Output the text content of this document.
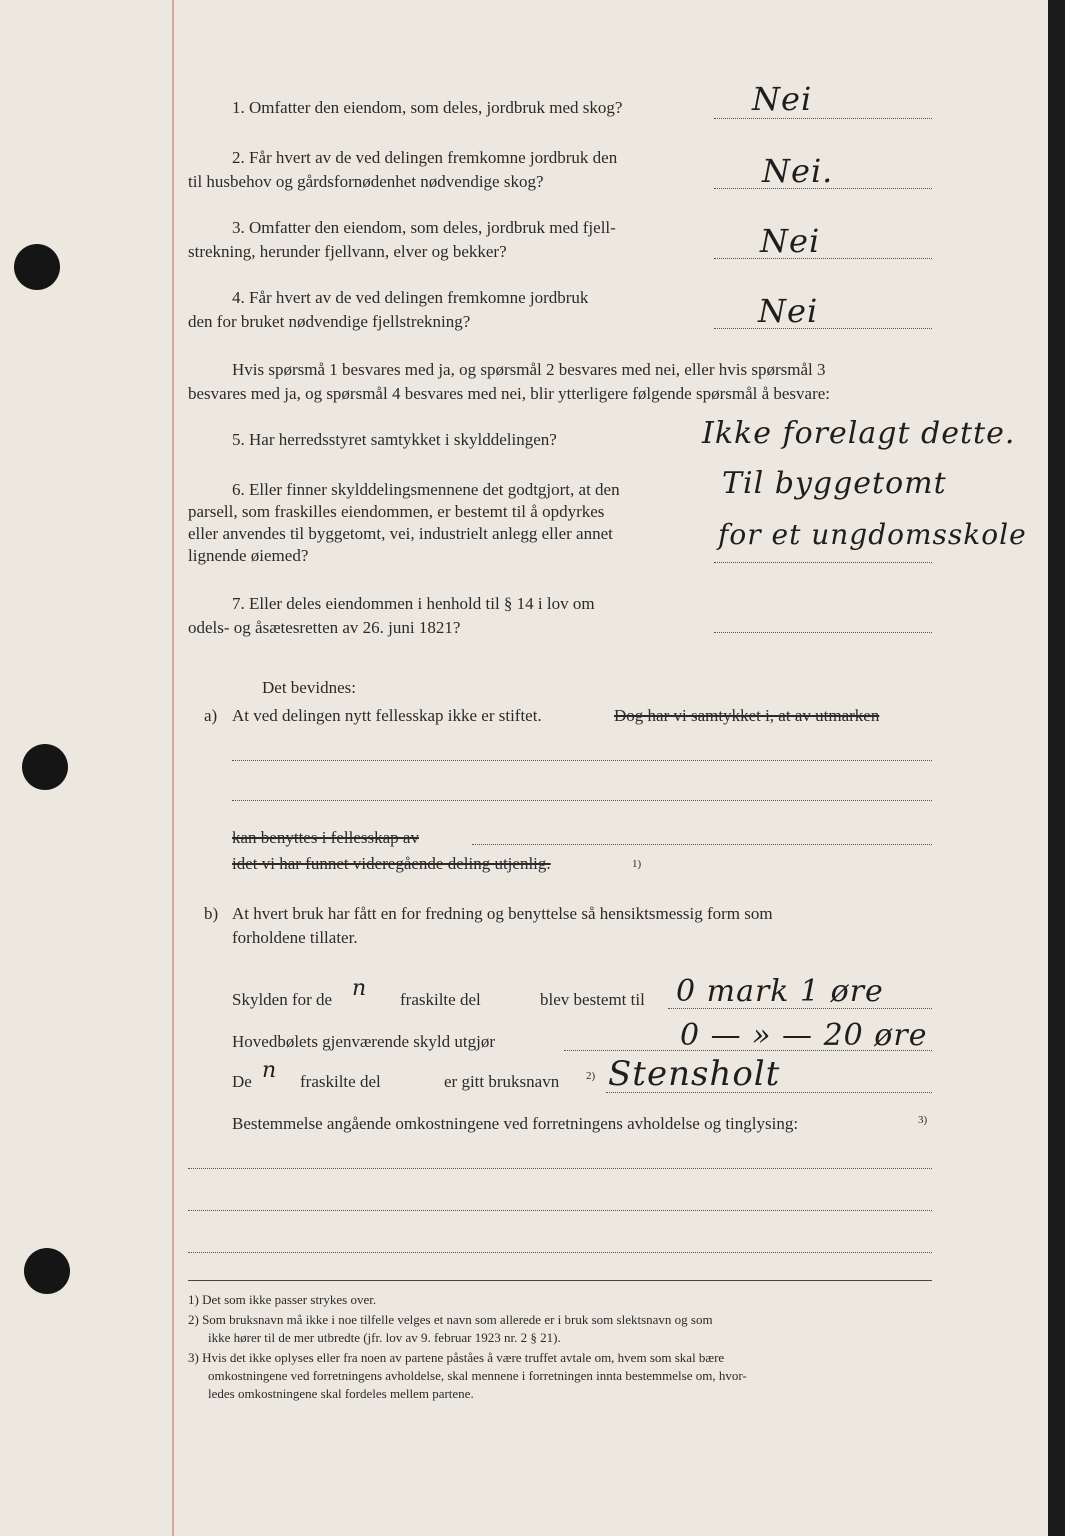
1. Omfatter den eiendom, som deles, jordbruk med skog?	Nei
2. Får hvert av de ved delingen fremkomne jordbruk den
til husbehov og gårdsfornødenhet nødvendige skog?	Nei.
3. Omfatter den eiendom, som deles, jordbruk med fjell-
strekning, herunder fjellvann, elver og bekker?	Nei
4. Får hvert av de ved delingen fremkomne jordbruk
den for bruket nødvendige fjellstrekning?	Nei
Hvis spørsmå 1 besvares med ja, og spørsmål 2 besvares med nei, eller hvis spørsmål 3
besvares med ja, og spørsmål 4 besvares med nei, blir ytterligere følgende spørsmål å besvare:
5. Har herredsstyret samtykket i skylddelingen?	Ikke forelagt dette.
6. Eller finner skylddelingsmennene det godtgjort, at den
parsell, som fraskilles eiendommen, er bestemt til å opdyrkes
eller anvendes til byggetomt, vei, industrielt anlegg eller annet
lignende øiemed?
Til byggetomt
for et ungdomsskole
7. Eller deles eiendommen i henhold til § 14 i lov om
odels- og åsætesretten av 26. juni 1821?
Det bevidnes:
a) At ved delingen nytt fellesskap ikke er stiftet.	Dog har vi samtykket i, at av utmarken
kan benyttes i fellesskap av
idet vi har funnet videregående deling utjenlig.	1)
b) At hvert bruk har fått en for fredning og benyttelse så hensiktsmessig form som
forholdene tillater.
Skylden for de n fraskilte del	blev bestemt til 0 mark 1 øre
Hovedbølets gjenværende skyld utgjør	0 — » — 20 øre
De n fraskilte del	er gitt bruksnavn 2) Stensholt
Bestemmelse angående omkostningene ved forretningens avholdelse og tinglysing:	3)
1) Det som ikke passer strykes over.
2) Som bruksnavn må ikke i noe tilfelle velges et navn som allerede er i bruk som slektsnavn og som
ikke hører til de mer utbredte (jfr. lov av 9. februar 1923 nr. 2 § 21).
3) Hvis det ikke oplyses eller fra noen av partene påståes å være truffet avtale om, hvem som skal bære
omkostningene ved forretningens avholdelse, skal mennene i forretningen innta bestemmelse om, hvor-
ledes omkostningene skal fordeles mellem partene.
